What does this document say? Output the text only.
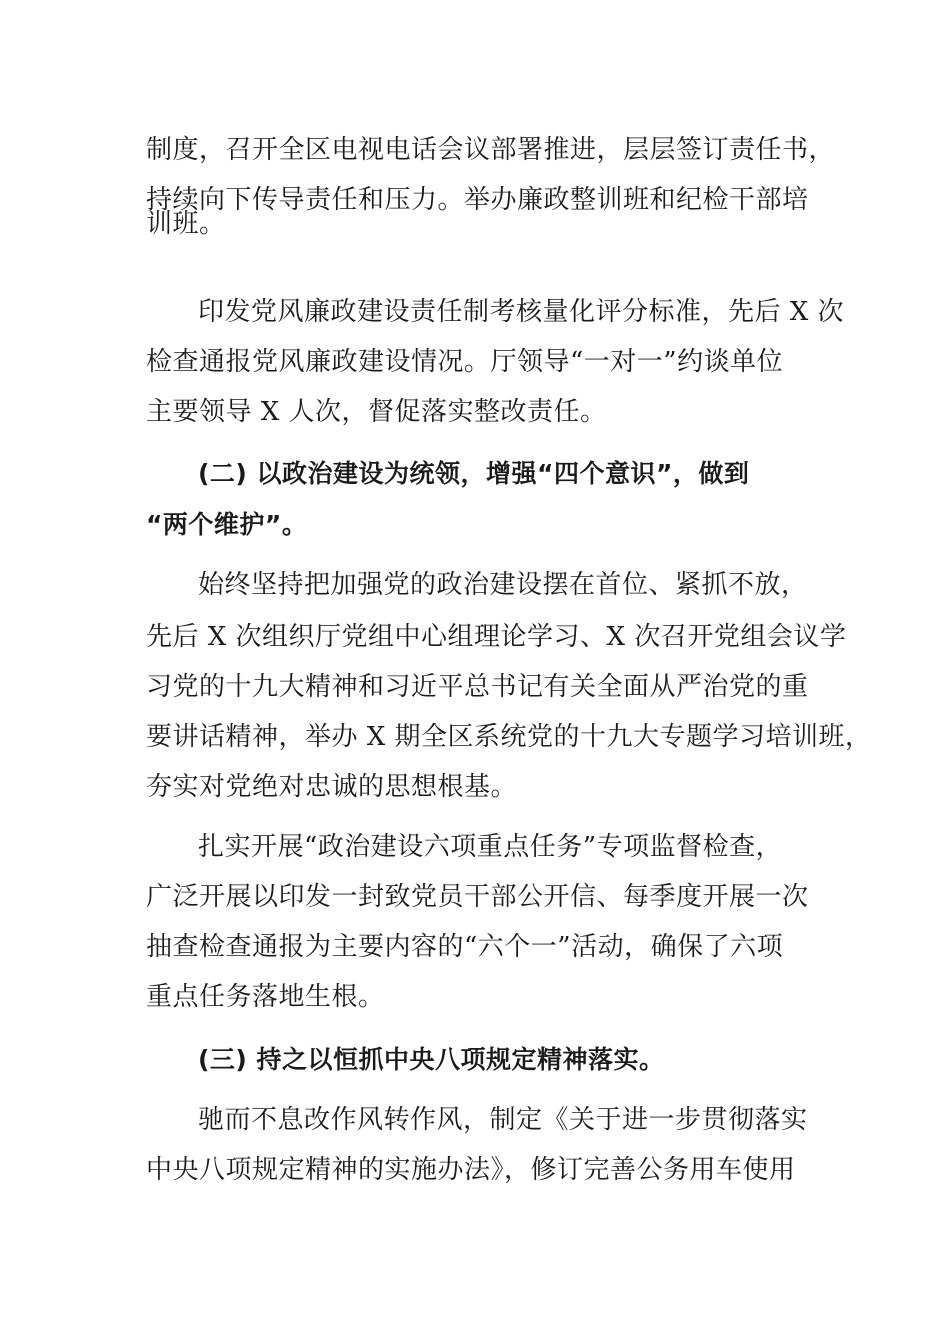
制度，召开全区电视电话会议部署推进，层层签订责任书，
持续向下传导责任和压力。举办廉政整训班和纪检干部培
训班。
印发党风廉政建设责任制考核量化评分标准，先后 X 次
检查通报党风廉政建设情况。厅领导“一对一”约谈单位
主要领导 X 人次，督促落实整改责任。
(二) 以政治建设为统领，增强“四个意识”，做到
“两个维护”。
始终坚持把加强党的政治建设摆在首位、紧抓不放，
先后 X 次组织厅党组中心组理论学习、X 次召开党组会议学
习党的十九大精神和习近平总书记有关全面从严治党的重
要讲话精神，举办 X 期全区系统党的十九大专题学习培训班，
夯实对党绝对忠诚的思想根基。
扎实开展“政治建设六项重点任务”专项监督检查，
广泛开展以印发一封致党员干部公开信、每季度开展一次
抽查检查通报为主要内容的“六个一”活动，确保了六项
重点任务落地生根。
(三) 持之以恒抓中央八项规定精神落实。
驰而不息改作风转作风，制定《关于进一步贯彻落实
中央八项规定精神的实施办法》，修订完善公务用车使用
